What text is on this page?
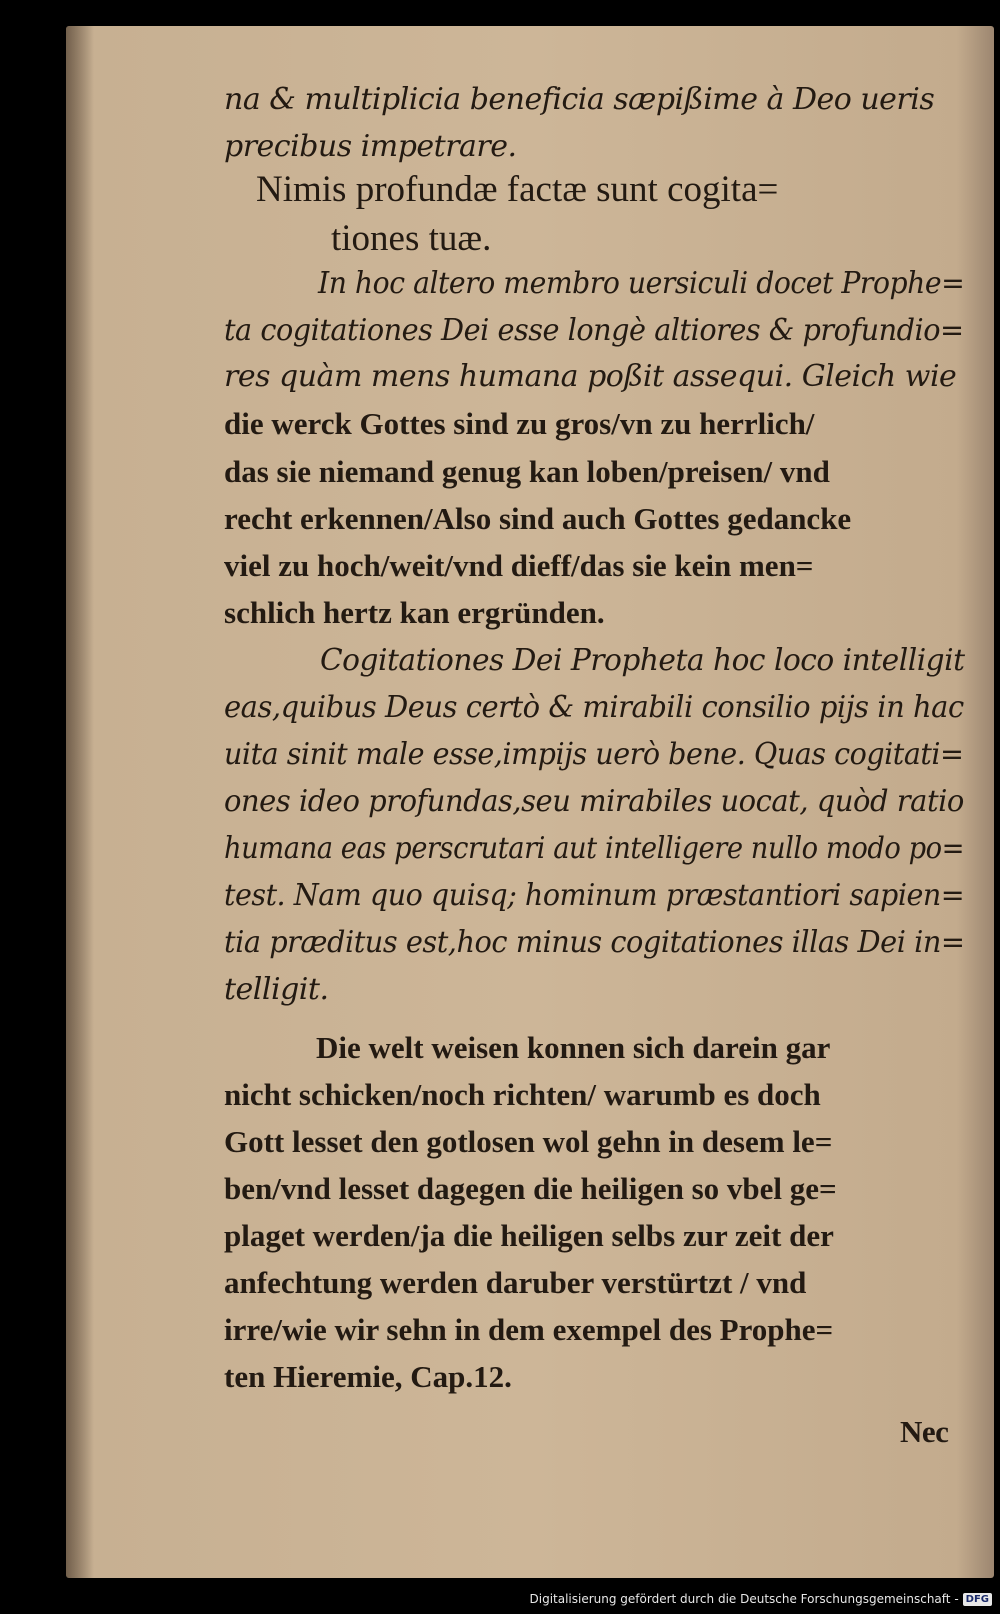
na & multiplicia beneficia sæpißime à Deo ueris
precibus impetrare.
Nimis profundæ factæ sunt cogita=
tiones tuæ.
In hoc altero membro uersiculi docet Prophe=
ta cogitationes Dei esse longè altiores & profundio=
res quàm mens humana poßit assequi. Gleich wie
die werck Gottes sind zu gros/vn zu herrlich/
das sie niemand genug kan loben/preisen/ vnd
recht erkennen/Also sind auch Gottes gedancke
viel zu hoch/weit/vnd dieff/das sie kein men=
schlich hertz kan ergründen.
Cogitationes Dei Propheta hoc loco intelligit
eas,quibus Deus certò & mirabili consilio pijs in hac
uita sinit male esse,impijs uerò bene. Quas cogitati=
ones ideo profundas,seu mirabiles uocat, quòd ratio
humana eas perscrutari aut intelligere nullo modo po=
test. Nam quo quisq; hominum præstantiori sapien=
tia præditus est,hoc minus cogitationes illas Dei in=
telligit.
Die welt weisen konnen sich darein gar
nicht schicken/noch richten/ warumb es doch
Gott lesset den gotlosen wol gehn in desem le=
ben/vnd lesset dagegen die heiligen so vbel ge=
plaget werden/ja die heiligen selbs zur zeit der
anfechtung werden daruber verstürtzt / vnd
irre/wie wir sehn in dem exempel des Prophe=
ten Hieremie, Cap.12.
Nec
Digitalisierung gefördert durch die Deutsche Forschungsgemeinschaft - DFG
